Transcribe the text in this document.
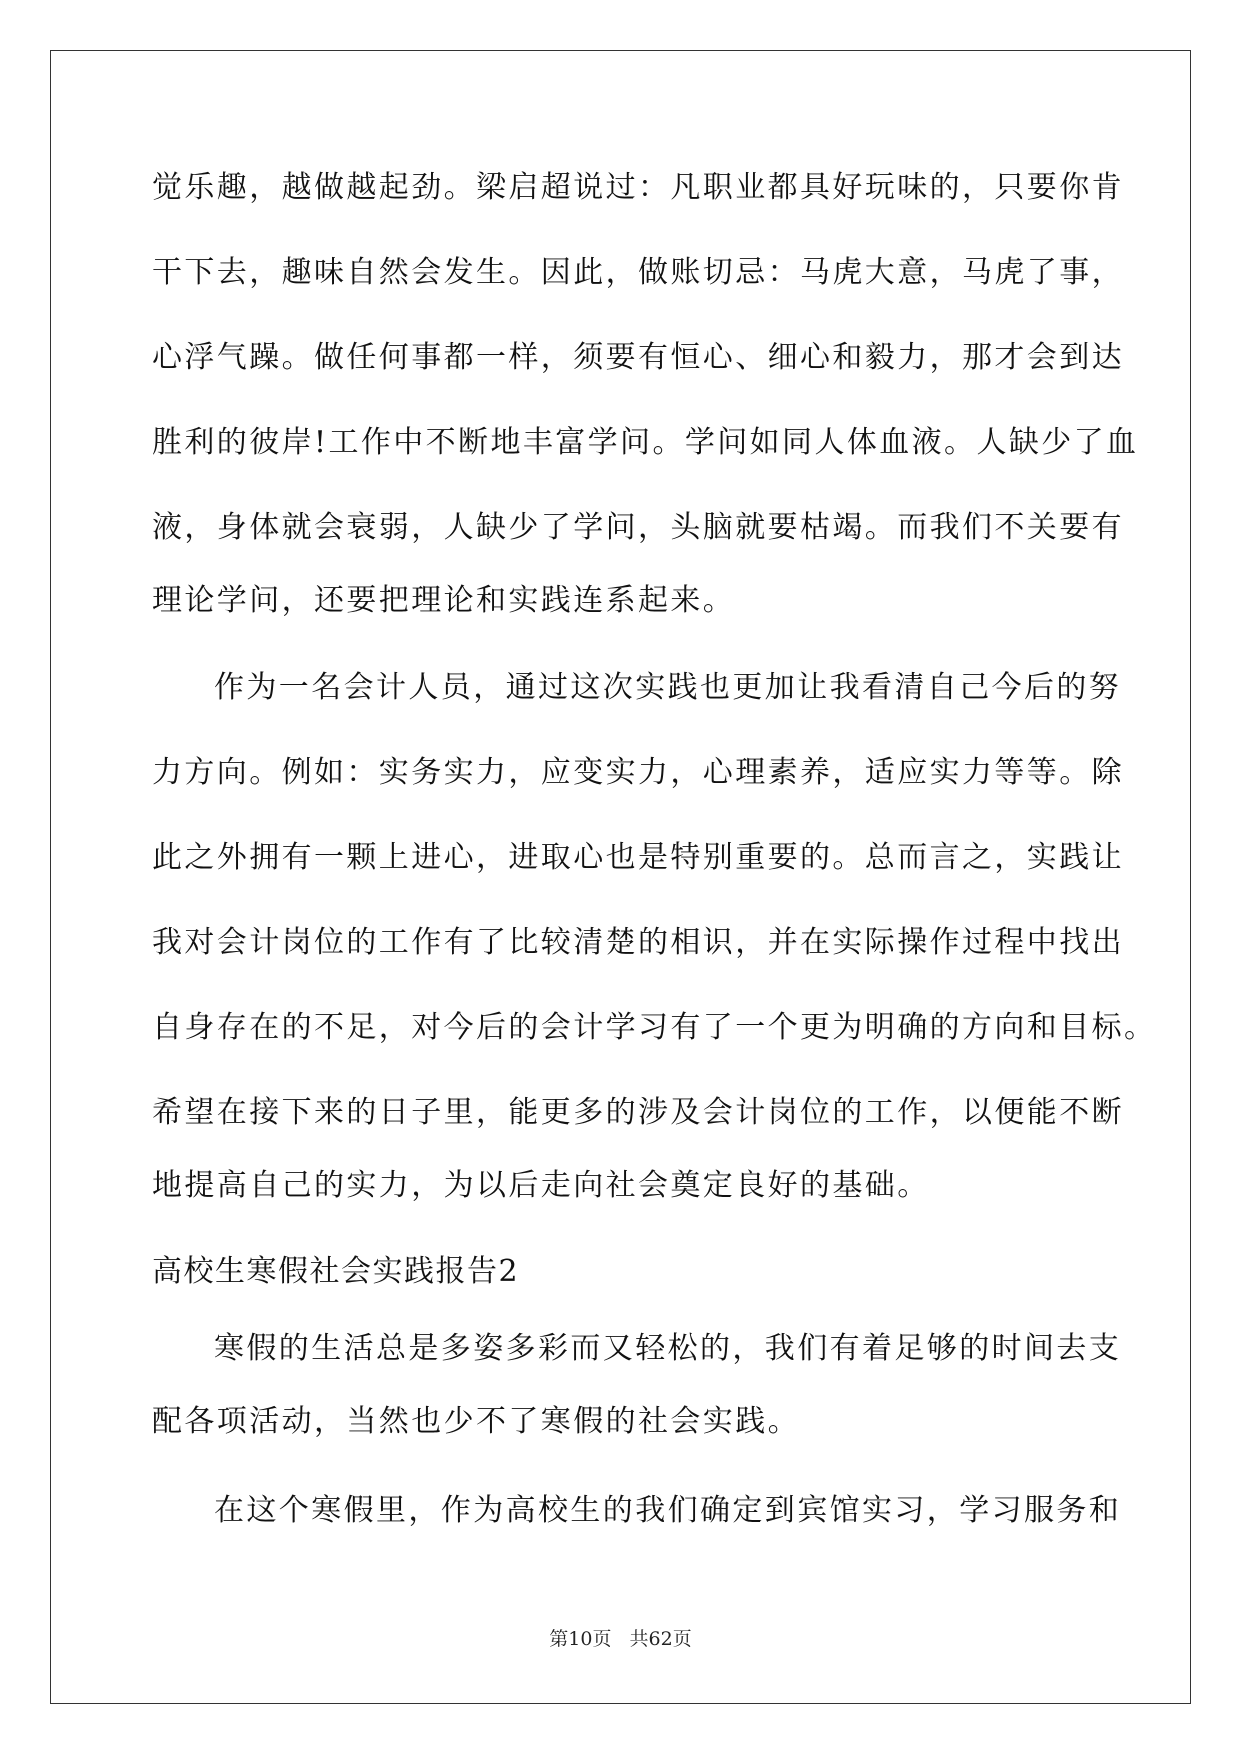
觉乐趣，越做越起劲。梁启超说过：凡职业都具好玩味的，只要你肯
干下去，趣味自然会发生。因此，做账切忌：马虎大意，马虎了事，
心浮气躁。做任何事都一样，须要有恒心、细心和毅力，那才会到达
胜利的彼岸!工作中不断地丰富学问。学问如同人体血液。人缺少了血
液，身体就会衰弱，人缺少了学问，头脑就要枯竭。而我们不关要有
理论学问，还要把理论和实践连系起来。
作为一名会计人员，通过这次实践也更加让我看清自己今后的努
力方向。例如：实务实力，应变实力，心理素养，适应实力等等。除
此之外拥有一颗上进心，进取心也是特别重要的。总而言之，实践让
我对会计岗位的工作有了比较清楚的相识，并在实际操作过程中找出
自身存在的不足，对今后的会计学习有了一个更为明确的方向和目标。
希望在接下来的日子里，能更多的涉及会计岗位的工作，以便能不断
地提高自己的实力，为以后走向社会奠定良好的基础。
高校生寒假社会实践报告2
寒假的生活总是多姿多彩而又轻松的，我们有着足够的时间去支
配各项活动，当然也少不了寒假的社会实践。
在这个寒假里，作为高校生的我们确定到宾馆实习，学习服务和
第10页 共62页
